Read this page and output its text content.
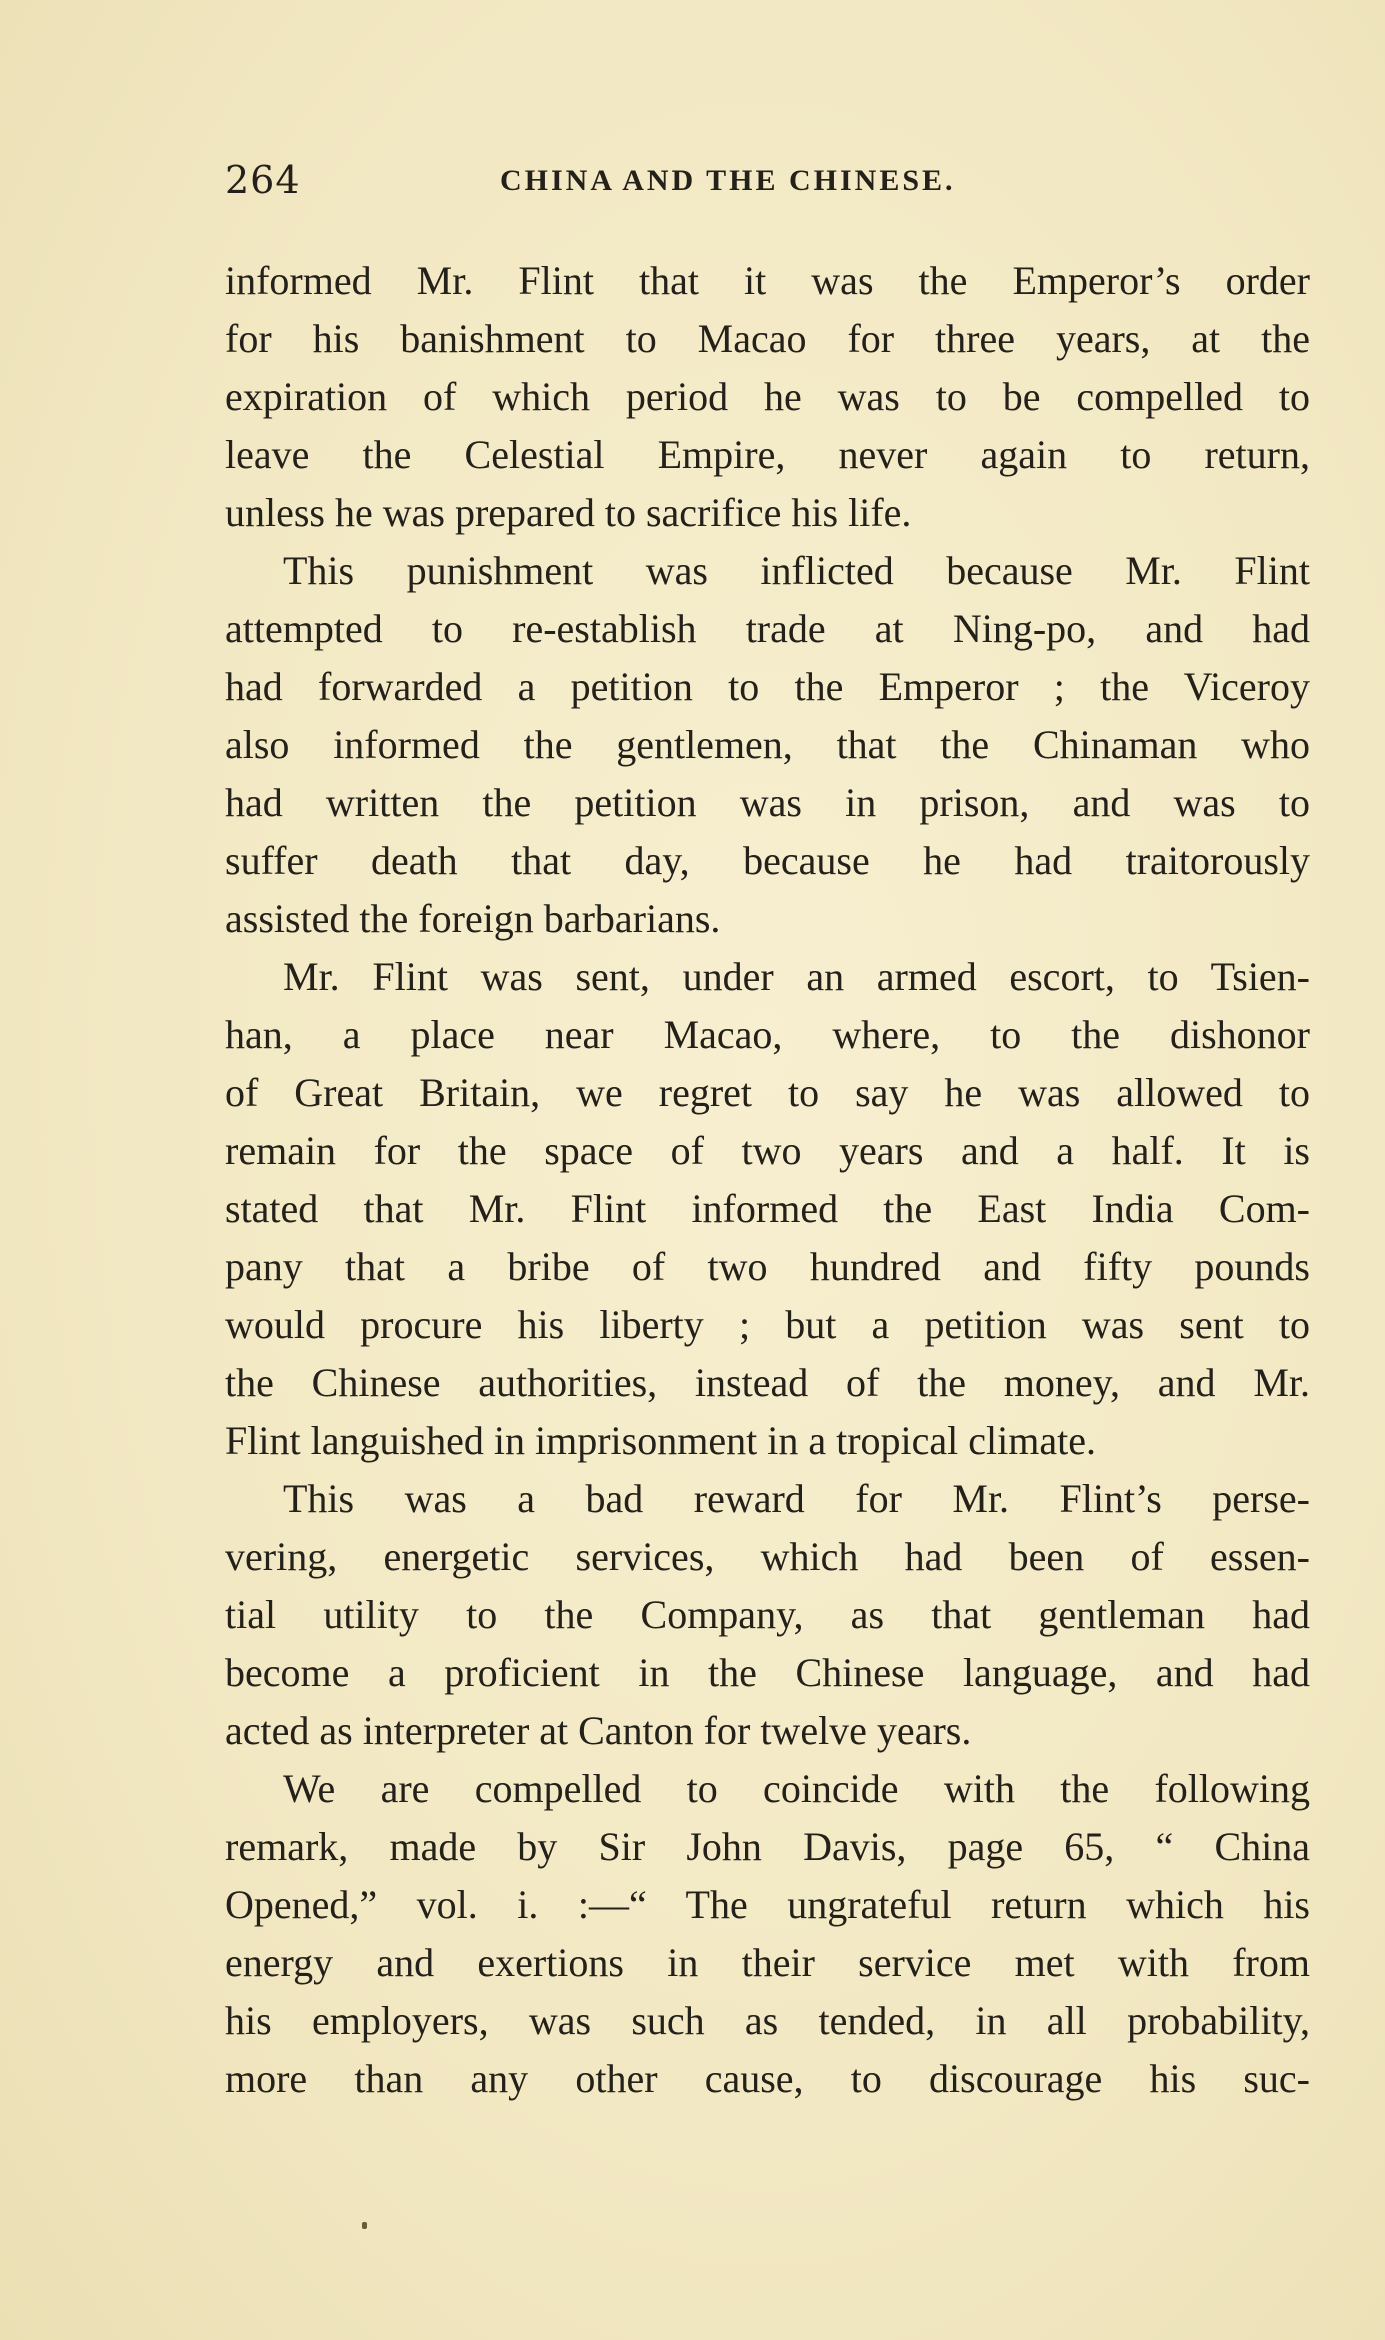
264	CHINA AND THE CHINESE.
informed Mr. Flint that it was the Emperor’s order
for his banishment to Macao for three years, at the
expiration of which period he was to be compelled to
leave the Celestial Empire, never again to return,
unless he was prepared to sacrifice his life.
This punishment was inflicted because Mr. Flint
attempted to re-establish trade at Ning-po, and had
had forwarded a petition to the Emperor ; the Viceroy
also informed the gentlemen, that the Chinaman who
had written the petition was in prison, and was to
suffer death that day, because he had traitorously
assisted the foreign barbarians.
Mr. Flint was sent, under an armed escort, to Tsien-
han, a place near Macao, where, to the dishonor
of Great Britain, we regret to say he was allowed to
remain for the space of two years and a half. It is
stated that Mr. Flint informed the East India Com-
pany that a bribe of two hundred and fifty pounds
would procure his liberty ; but a petition was sent to
the Chinese authorities, instead of the money, and Mr.
Flint languished in imprisonment in a tropical climate.
This was a bad reward for Mr. Flint’s perse-
vering, energetic services, which had been of essen-
tial utility to the Company, as that gentleman had
become a proficient in the Chinese language, and had
acted as interpreter at Canton for twelve years.
We are compelled to coincide with the following
remark, made by Sir John Davis, page 65, “ China
Opened,” vol. i. :—“ The ungrateful return which his
energy and exertions in their service met with from
his employers, was such as tended, in all probability,
more than any other cause, to discourage his suc-
